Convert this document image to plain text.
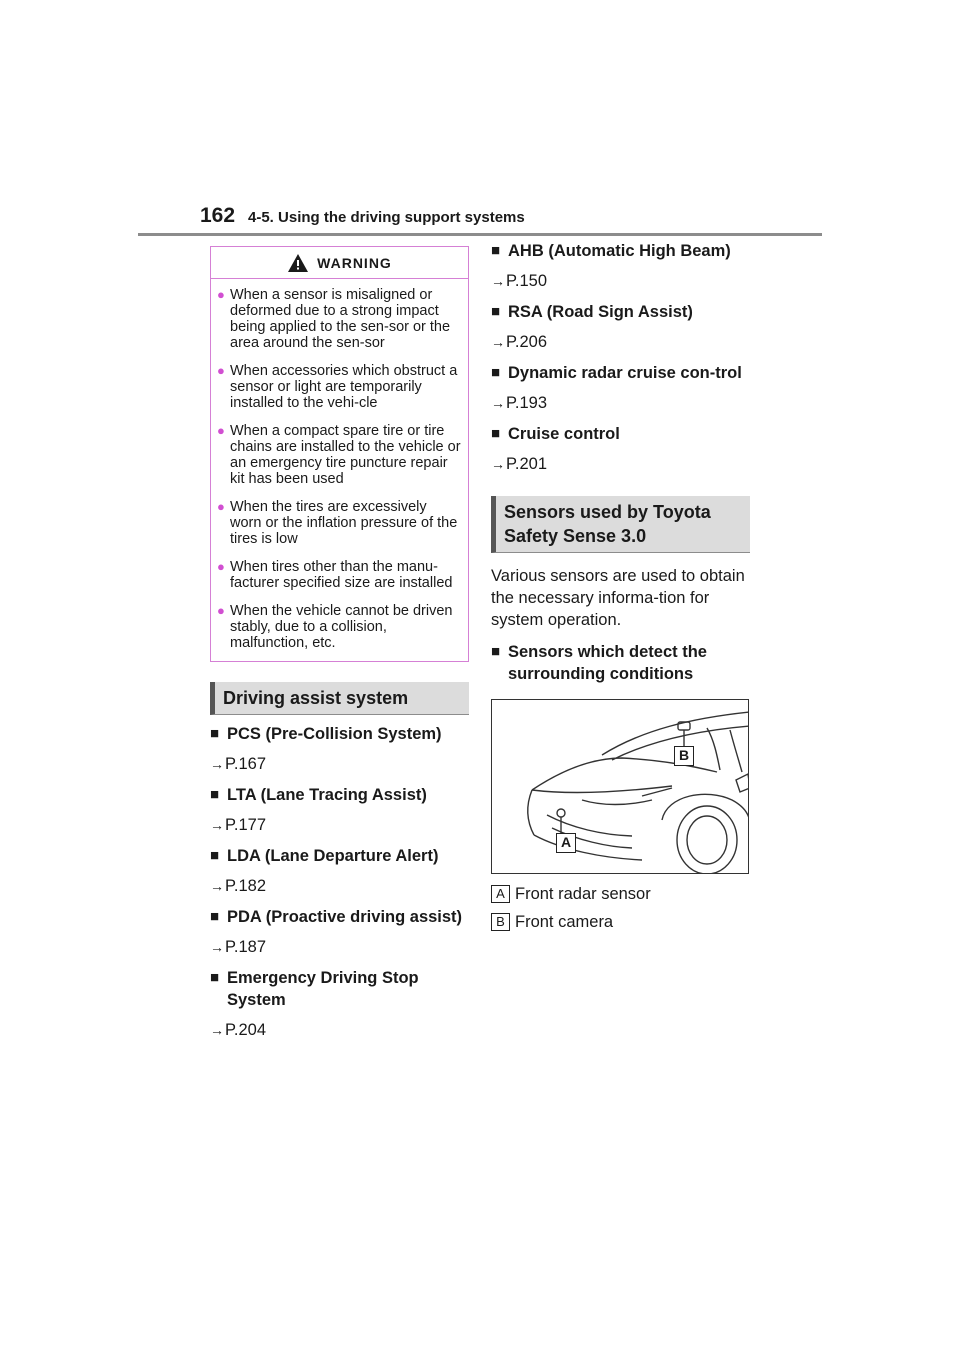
162 4-5. Using the driving support systems
WARNING
● When a sensor is misaligned or deformed due to a strong impact being applied to the sen-sor or the area around the sen-sor
● When accessories which obstruct a sensor or light are temporarily installed to the vehi-cle
● When a compact spare tire or tire chains are installed to the vehicle or an emergency tire puncture repair kit has been used
● When the tires are excessively worn or the inflation pressure of the tires is low
● When tires other than the manu-facturer specified size are installed
● When the vehicle cannot be driven stably, due to a collision, malfunction, etc.
Driving assist system
■ PCS (Pre-Collision System)
→P.167
■ LTA (Lane Tracing Assist)
→P.177
■ LDA (Lane Departure Alert)
→P.182
■ PDA (Proactive driving assist)
→P.187
■ Emergency Driving Stop System
→P.204
■ AHB (Automatic High Beam)
→P.150
■ RSA (Road Sign Assist)
→P.206
■ Dynamic radar cruise con-trol
→P.193
■ Cruise control
→P.201
Sensors used by Toyota Safety Sense 3.0
Various sensors are used to obtain the necessary informa-tion for system operation.
■ Sensors which detect the surrounding conditions
B
A
A Front radar sensor
B Front camera
